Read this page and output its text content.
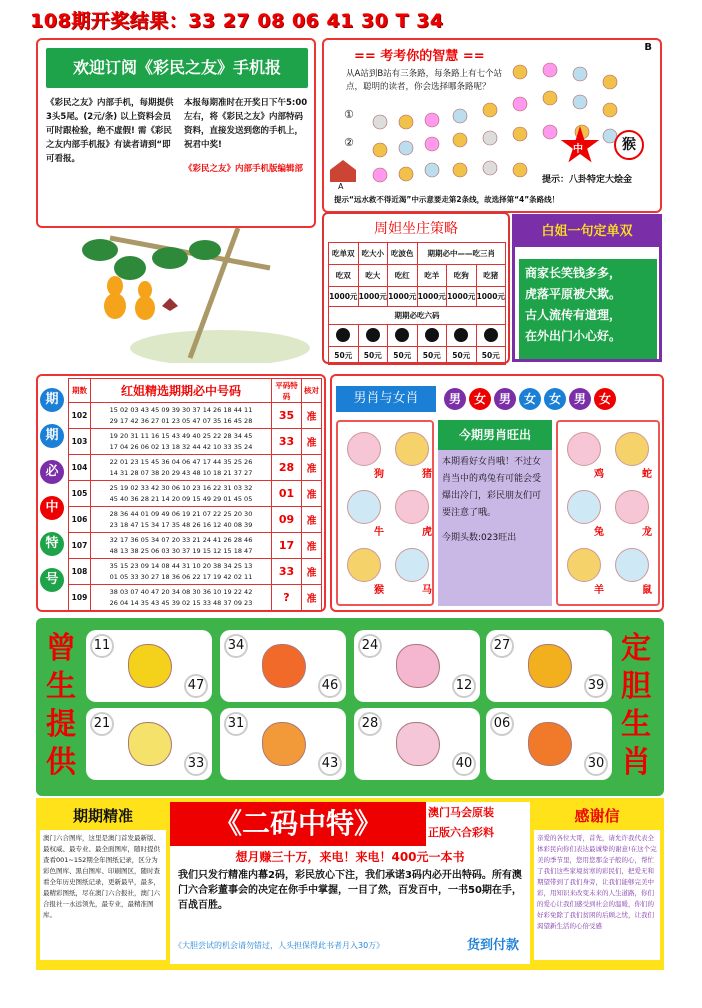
108期开奖结果：33 27 08 06 41 30 T 34
欢迎订阅《彩民之友》手机报
《彩民之友》内部手机，每期提供3头5尾。(2元/条) 以上资料会员可时跟检验，绝不虚假! 需《彩民之友内部手机报》有读者请到“即可看报。
本报每期准时在开奖日下午5:00左右，将《彩民之友》内部特码资料，直接发送到您的手机上，祝君中奖!
《彩民之友》内部手机版编辑部
== 考考你的智慧 ==
B
从A站到B站有三条路，每条路上有七个站点，聪明的读者，你会选择哪条路呢？
①
②
A
中	猴
提示：八卦特定大烩金
提示“远水救不得近渴”中示意要走第2条线，故选择第“4”条路线！
周妲坐庄策略
吃单双	吃大小	吃波色	期期必中——吃三肖		
吃双	吃大	吃红	吃羊	吃狗	吃猪
1000元	1000元	1000元	1000元	1000元	1000元
期期必吃六码					

50元	50元	50元	50元	50元	50元
白姐一句定单双
商家长笑钱多多，
虎落平原被犬欺。
古人流传有道理，
在外出门小心好。
期
期
必
中
特
号
期数	红姐精选期期必中号码	平码特码	核对
102	15 02 03 43 45 09 39 30 37 14 26 18 44 11
29 17 42 36 27 01 23 05 47 07 35 16 45 28	35	准
103	19 20 31 11 16 15 43 49 40 25 22 28 34 45
17 04 26 06 02 13 18 32 44 42 10 33 35 24	33	准
104	22 01 23 15 45 36 04 06 47 17 44 35 25 26
14 31 28 07 38 20 29 43 48 10 18 21 37 27	28	准
105	25 19 02 33 42 30 06 10 23 16 22 31 03 32
45 40 36 28 21 14 20 09 15 49 29 01 45 05	01	准
106	28 36 44 01 09 49 06 19 21 07 22 25 20 30
23 18 47 15 34 17 35 48 26 16 12 40 08 39	09	准
107	32 17 36 05 34 07 20 33 21 24 41 26 28 46
48 13 38 25 06 03 30 37 19 15 12 15 18 47	17	准
108	35 15 23 09 14 08 44 31 10 20 38 34 25 13
01 05 33 30 27 18 36 06 22 17 19 42 02 11	33	准
109	38 03 07 40 47 20 34 08 30 36 10 19 22 42
26 04 14 35 43 45 39 02 15 33 48 37 09 23	?	准
男肖与女肖	男 女 男 女 女 男 女
狗	猪
牛	虎
猴	马
今期男肖旺出
本期看好女肖哦！不过女肖当中的鸡兔有可能会受爆出冷门，彩民朋友们可要注意了哦。
今期头数:023旺出
鸡	蛇
兔	龙
羊	鼠
曾
生
提
供
定
胆
生
肖
11
47
34
46
24
12
27
39
21
33
31
43
28
40
06
30
期期精准
澳门六合图库，这里是澳门首发最新版、最权威、最专业、最全面图库，随时提供查看001~152期全年图纸记录，区分为彩色图库、黑白图库、印刷图区，随时查看全年历史图纸记录，更新最早，最多，最精彩图纸，尽在澳门六合报社，澳门六合报社一永远领先，最专业，最精准图库。
《二码中特》	澳门马会原装
正版六合彩料
想月赚三十万，来电！来电！400元一本书
我们只发行精准内幕2码，彩民放心下注，我们承诺3码内必开出特码。所有澳门六合彩董事会的决定在你手中掌握，一目了然，百发百中，一书50期在手，百战百胜。
《大胆尝试的机会请勿错过，人头担保得此书者月入30万》	货到付款
感谢信
亲爱的各位大哥，首先，请允许我代表全体彩民向你们表达最诚挚的谢意!在这个完美的季节里，您用您那金子般的心，帮忙了我们这些家境贫寒的彩民们，把爱无和期望带到了我们身旁，让我们能够完美中彩，用知识来改变未来的人生道路，你们的爱心让我们感受到社会的温暖，你们的好彩免除了我们贫困的后顾之忧，让我们渴望新生活的心倍受感
